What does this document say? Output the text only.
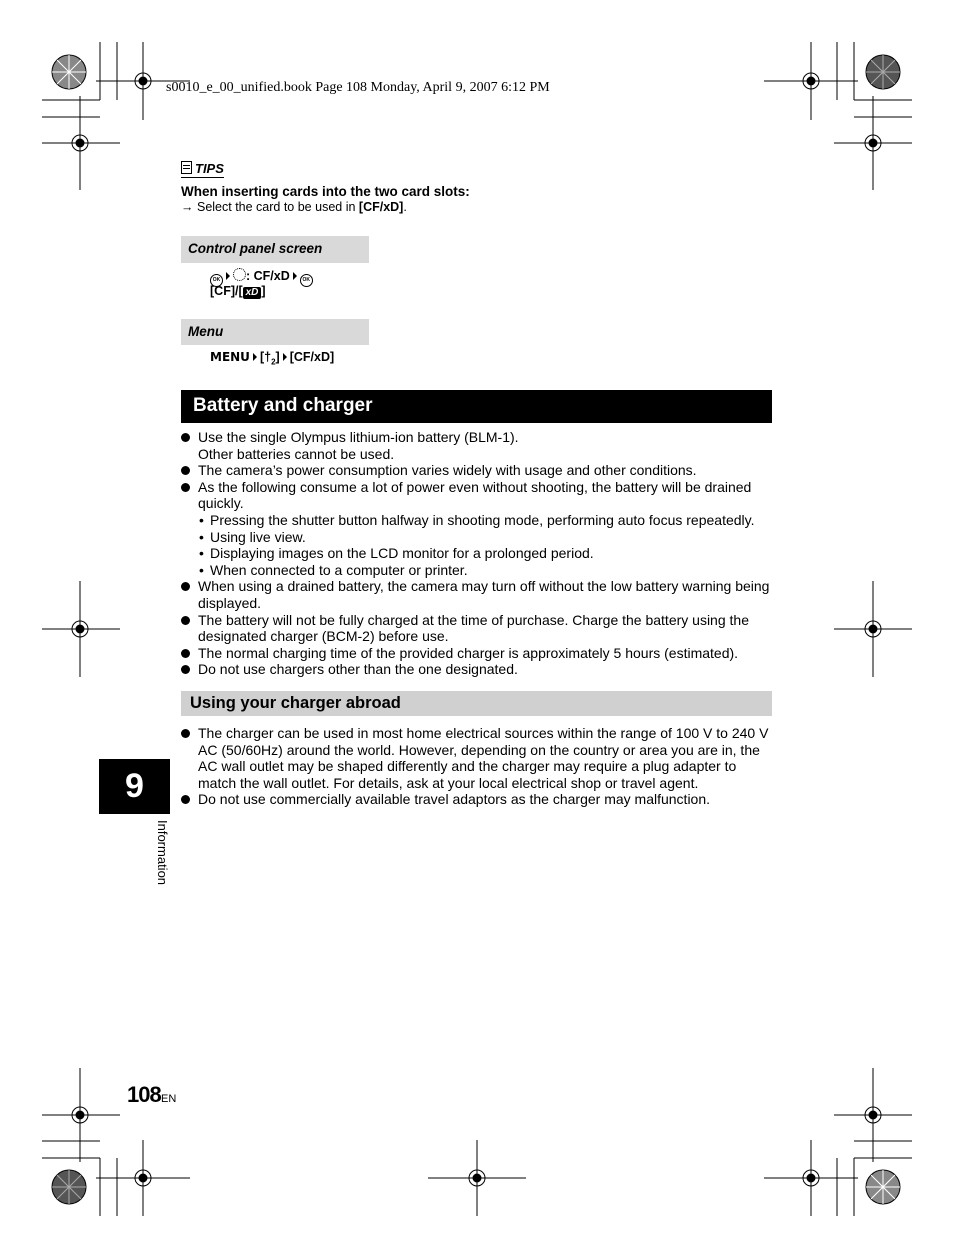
s0010_e_00_unified.book Page 108 Monday, April 9, 2007 6:12 PM
TIPS
When inserting cards into the two card slots:
→ Select the card to be used in [CF/xD].
Control panel screen
OK : CF/xD	OK
[CF]/[ xD ]
Menu
MENU $[\dagger_2]$ [CF/xD]
Battery and charger
Use the single Olympus lithium-ion battery (BLM-1).
Other batteries cannot be used.
The camera’s power consumption varies widely with usage and other conditions.
As the following consume a lot of power even without shooting, the battery will be drained quickly.
• Pressing the shutter button halfway in shooting mode, performing auto focus repeatedly.
• Using live view.
• Displaying images on the LCD monitor for a prolonged period.
• When connected to a computer or printer.
When using a drained battery, the camera may turn off without the low battery warning being displayed.
The battery will not be fully charged at the time of purchase. Charge the battery using the designated charger (BCM-2) before use.
The normal charging time of the provided charger is approximately 5 hours (estimated).
Do not use chargers other than the one designated.
Using your charger abroad
The charger can be used in most home electrical sources within the range of 100 V to 240 V AC (50/60Hz) around the world. However, depending on the country or area you are in, the AC wall outlet may be shaped differently and the charger may require a plug adapter to match the wall outlet. For details, ask at your local electrical shop or travel agent.
Do not use commercially available travel adaptors as the charger may malfunction.
9
Information
108 EN
